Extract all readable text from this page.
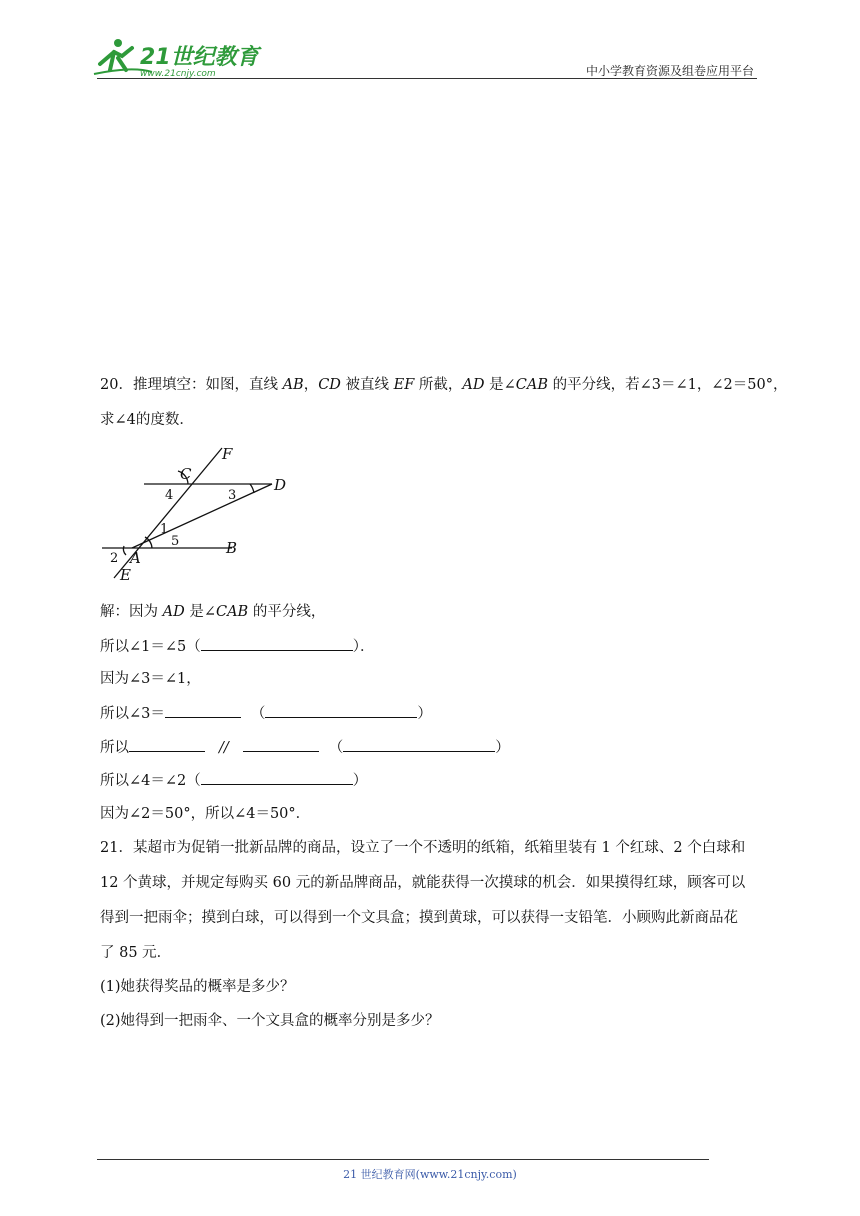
21世纪教育
www.21cnjy.com	中小学教育资源及组卷应用平台
20．推理填空：如图，直线 AB，CD 被直线 EF 所截，AD 是∠CAB 的平分线，若∠3＝∠1，∠2＝50°，
求∠4的度数．
F
C
D
B
A
E
4	3
1
5
2
解：因为 AD 是∠CAB 的平分线，
所以∠1＝∠5（	）．
因为∠3＝∠1，
所以∠3＝	（	）
所以	//	（	）
所以∠4＝∠2（	）
因为∠2＝50°，所以∠4＝50°．
21．某超市为促销一批新品牌的商品，设立了一个不透明的纸箱，纸箱里装有 1 个红球、2 个白球和
12 个黄球，并规定每购买 60 元的新品牌商品，就能获得一次摸球的机会．如果摸得红球，顾客可以
得到一把雨伞；摸到白球，可以得到一个文具盒；摸到黄球，可以获得一支铅笔．小顾购此新商品花
了 85 元．
(1)她获得奖品的概率是多少？
(2)她得到一把雨伞、一个文具盒的概率分别是多少？
21 世纪教育网(www.21cnjy.com)
